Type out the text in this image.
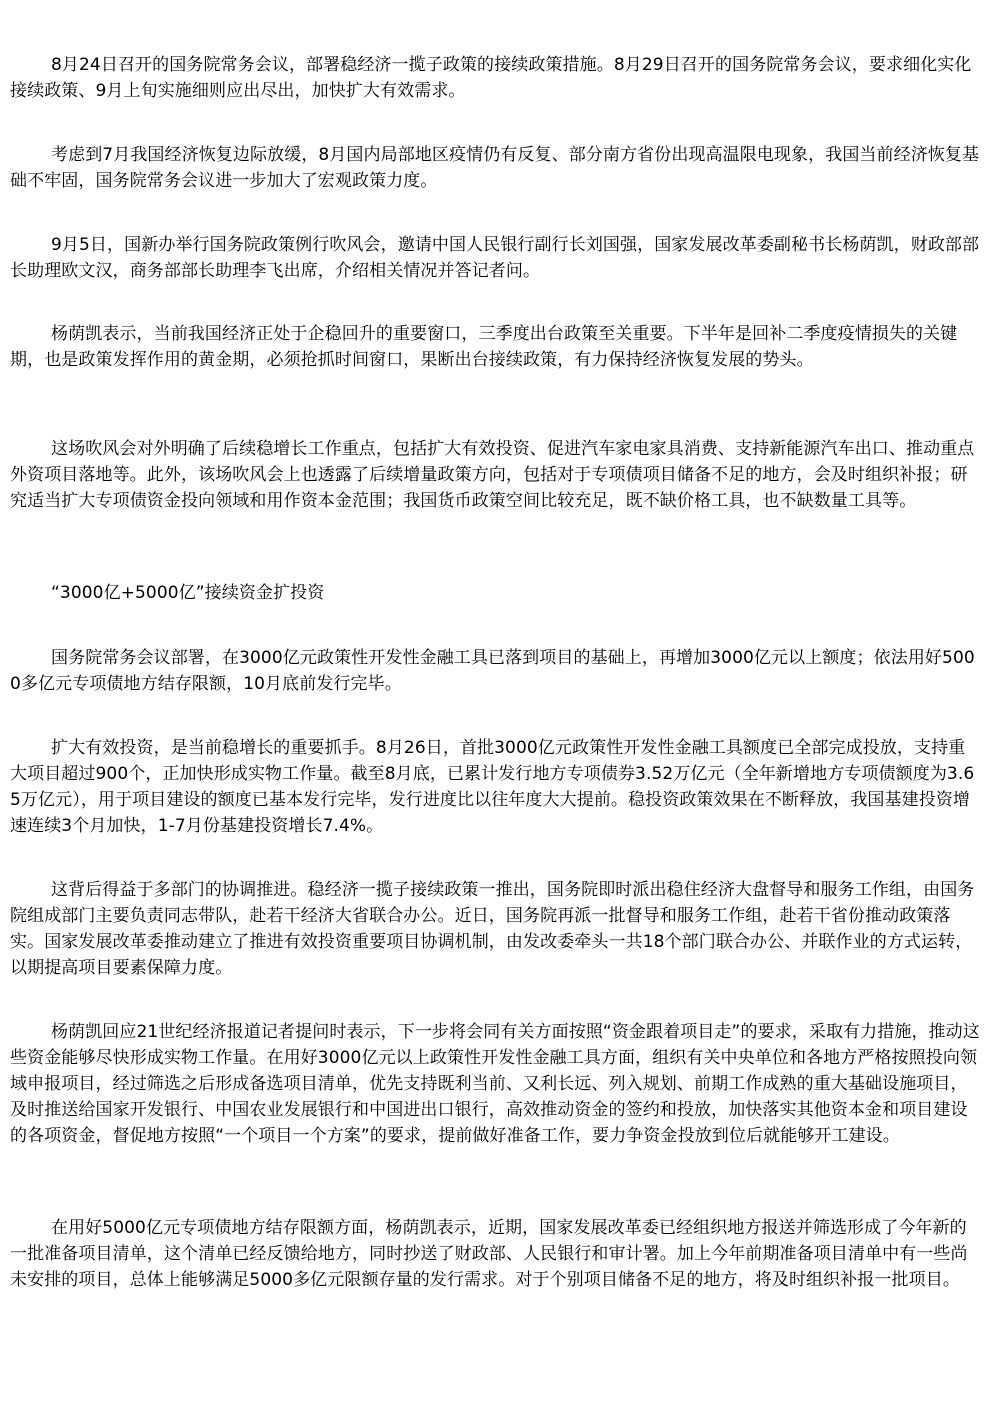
8月24日召开的国务院常务会议，部署稳经济一揽子政策的接续政策措施。8月29日召开的国务院常务会议，要求细化实化接续政策、9月上旬实施细则应出尽出，加快扩大有效需求。

考虑到7月我国经济恢复边际放缓，8月国内局部地区疫情仍有反复、部分南方省份出现高温限电现象，我国当前经济恢复基础不牢固，国务院常务会议进一步加大了宏观政策力度。

9月5日，国新办举行国务院政策例行吹风会，邀请中国人民银行副行长刘国强，国家发展改革委副秘书长杨荫凯，财政部部长助理欧文汉，商务部部长助理李飞出席，介绍相关情况并答记者问。

杨荫凯表示，当前我国经济正处于企稳回升的重要窗口，三季度出台政策至关重要。下半年是回补二季度疫情损失的关键期，也是政策发挥作用的黄金期，必须抢抓时间窗口，果断出台接续政策，有力保持经济恢复发展的势头。

这场吹风会对外明确了后续稳增长工作重点，包括扩大有效投资、促进汽车家电家具消费、支持新能源汽车出口、推动重点外资项目落地等。此外，该场吹风会上也透露了后续增量政策方向，包括对于专项债项目储备不足的地方，会及时组织补报；研究适当扩大专项债资金投向领域和用作资本金范围；我国货币政策空间比较充足，既不缺价格工具，也不缺数量工具等。

“3000亿+5000亿”接续资金扩投资

国务院常务会议部署，在3000亿元政策性开发性金融工具已落到项目的基础上，再增加3000亿元以上额度；依法用好5000多亿元专项债地方结存限额，10月底前发行完毕。

扩大有效投资，是当前稳增长的重要抓手。8月26日，首批3000亿元政策性开发性金融工具额度已全部完成投放，支持重大项目超过900个，正加快形成实物工作量。截至8月底，已累计发行地方专项债券3.52万亿元（全年新增地方专项债额度为3.65万亿元），用于项目建设的额度已基本发行完毕，发行进度比以往年度大大提前。稳投资政策效果在不断释放，我国基建投资增速连续3个月加快，1-7月份基建投资增长7.4%。

这背后得益于多部门的协调推进。稳经济一揽子接续政策一推出，国务院即时派出稳住经济大盘督导和服务工作组，由国务院组成部门主要负责同志带队，赴若干经济大省联合办公。近日，国务院再派一批督导和服务工作组，赴若干省份推动政策落实。国家发展改革委推动建立了推进有效投资重要项目协调机制，由发改委牵头一共18个部门联合办公、并联作业的方式运转，以期提高项目要素保障力度。

杨荫凯回应21世纪经济报道记者提问时表示，下一步将会同有关方面按照“资金跟着项目走”的要求，采取有力措施，推动这些资金能够尽快形成实物工作量。在用好3000亿元以上政策性开发性金融工具方面，组织有关中央单位和各地方严格按照投向领域申报项目，经过筛选之后形成备选项目清单，优先支持既利当前、又利长远、列入规划、前期工作成熟的重大基础设施项目，及时推送给国家开发银行、中国农业发展银行和中国进出口银行，高效推动资金的签约和投放，加快落实其他资本金和项目建设的各项资金，督促地方按照“一个项目一个方案”的要求，提前做好准备工作，要力争资金投放到位后就能够开工建设。

在用好5000亿元专项债地方结存限额方面，杨荫凯表示，近期，国家发展改革委已经组织地方报送并筛选形成了今年新的一批准备项目清单，这个清单已经反馈给地方，同时抄送了财政部、人民银行和审计署。加上今年前期准备项目清单中有一些尚未安排的项目，总体上能够满足5000多亿元限额存量的发行需求。对于个别项目储备不足的地方，将及时组织补报一批项目。
